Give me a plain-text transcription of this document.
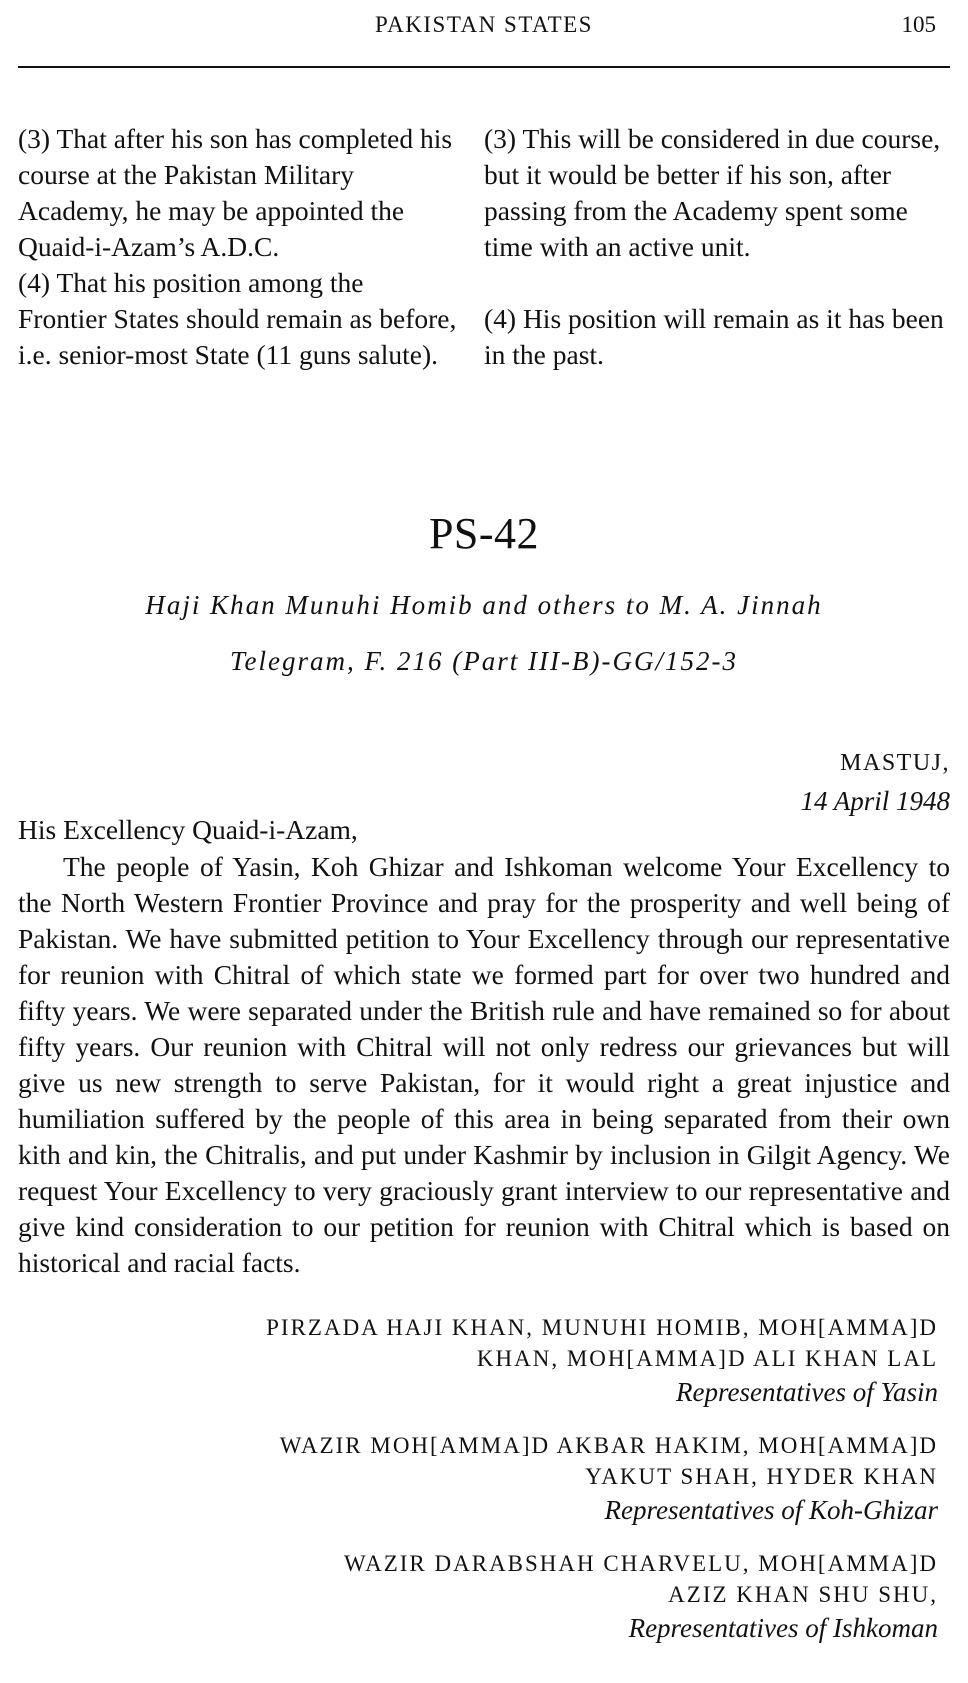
PAKISTAN STATES	105

(3) That after his son has completed his course at the Pakistan Military Academy, he may be appointed the Quaid-i-Azam’s A.D.C.

(4) That his position among the Frontier States should remain as before, i.e. senior-most State (11 guns salute).

(3) This will be considered in due course, but it would be better if his son, after passing from the Academy spent some time with an active unit.

(4) His position will remain as it has been in the past.

PS-42
Haji Khan Munuhi Homib and others to M. A. Jinnah
Telegram, F. 216 (Part III-B)-GG/152-3
MASTUJ,
14 April 1948
His Excellency Quaid-i-Azam,

The people of Yasin, Koh Ghizar and Ishkoman welcome Your Excellency to the North Western Frontier Province and pray for the prosperity and well being of Pakistan. We have submitted petition to Your Excellency through our representative for reunion with Chitral of which state we formed part for over two hundred and fifty years. We were separated under the British rule and have remained so for about fifty years. Our reunion with Chitral will not only redress our grievances but will give us new strength to serve Pakistan, for it would right a great injustice and humiliation suffered by the people of this area in being separated from their own kith and kin, the Chitralis, and put under Kashmir by inclusion in Gilgit Agency. We request Your Excellency to very graciously grant interview to our representative and give kind consideration to our petition for reunion with Chitral which is based on historical and racial facts.

PIRZADA HAJI KHAN, MUNUHI HOMIB, MOH[AMMA]D

KHAN, MOH[AMMA]D ALI KHAN LAL

Representatives of Yasin

WAZIR MOH[AMMA]D AKBAR HAKIM, MOH[AMMA]D

YAKUT SHAH, HYDER KHAN

Representatives of Koh-Ghizar

WAZIR DARABSHAH CHARVELU, MOH[AMMA]D

AZIZ KHAN SHU SHU,

Representatives of Ishkoman
